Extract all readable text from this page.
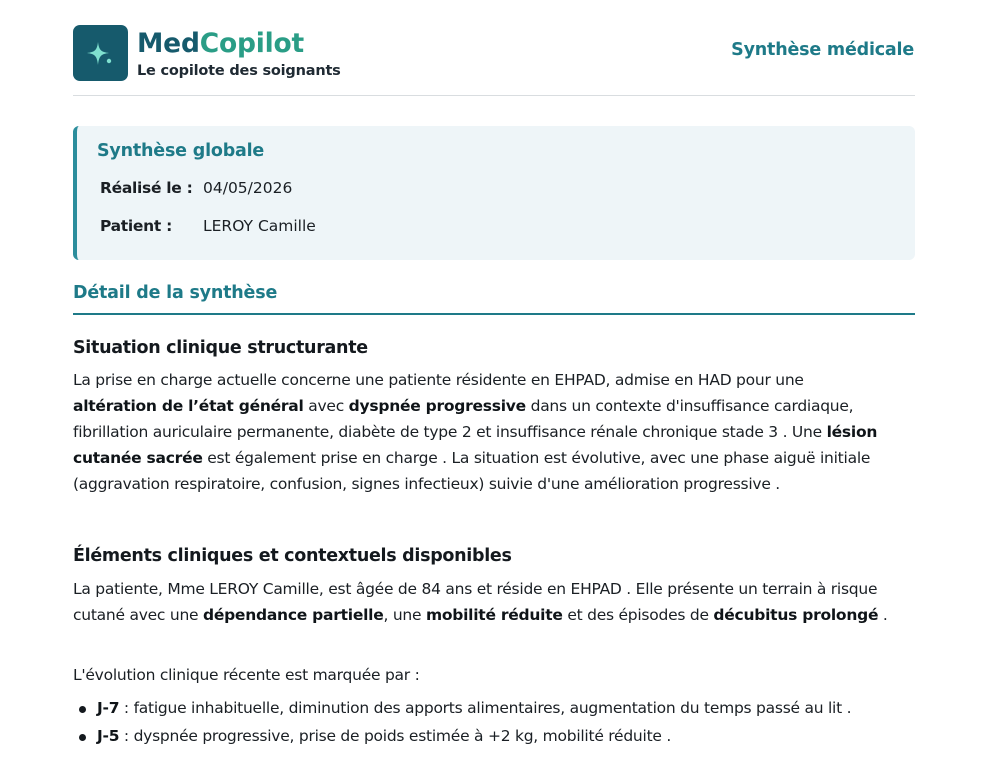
MedCopilot
Le copilote des soignants
Synthèse médicale
Synthèse globale
Réalisé le : 04/05/2026
Patient : LEROY Camille
Détail de la synthèse
Situation clinique structurante
La prise en charge actuelle concerne une patiente résidente en EHPAD, admise en HAD pour une
altération de l’état général avec dyspnée progressive dans un contexte d'insuffisance cardiaque, fibrillation auriculaire permanente, diabète de type 2 et insuffisance rénale chronique stade 3 . Une lésion cutanée sacrée est également prise en charge . La situation est évolutive, avec une phase aiguë initiale (aggravation respiratoire, confusion, signes infectieux) suivie d'une amélioration progressive .
Éléments cliniques et contextuels disponibles
La patiente, Mme LEROY Camille, est âgée de 84 ans et réside en EHPAD . Elle présente un terrain à risque cutané avec une dépendance partielle, une mobilité réduite et des épisodes de décubitus prolongé .
L'évolution clinique récente est marquée par :
J-7 : fatigue inhabituelle, diminution des apports alimentaires, augmentation du temps passé au lit .
J-5 : dyspnée progressive, prise de poids estimée à +2 kg, mobilité réduite .
